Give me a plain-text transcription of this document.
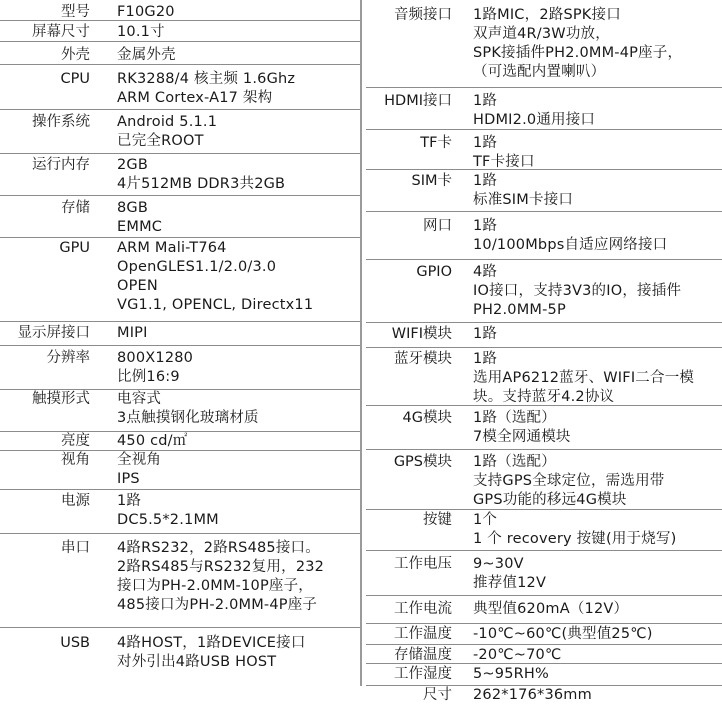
型号 F10G20
屏幕尺寸 10.1寸
外壳 金属外壳
CPU RK3288/4 核主频 1.6Ghz
ARM Cortex-A17 架构
操作系统 Android 5.1.1
已完全ROOT
运行内存 2GB
4片512MB DDR3共2GB
存储 8GB
EMMC
GPU ARM Mali-T764
OpenGLES1.1/2.0/3.0
OPEN
VG1.1, OPENCL, Directx11
显示屏接口 MIPI
分辨率 800X1280
比例16:9
触摸形式 电容式
3点触摸钢化玻璃材质
亮度 450 cd/㎡
视角 全视角
IPS
电源 1路
DC5.5*2.1MM
串口 4路RS232，2路RS485接口。
2路RS485与RS232复用，232
接口为PH-2.0MM-10P座子，
485接口为PH-2.0MM-4P座子
USB 4路HOST，1路DEVICE接口
对外引出4路USB HOST
音频接口 1路MIC，2路SPK接口
双声道4R/3W功放，
SPK接插件PH2.0MM-4P座子，
（可选配内置喇叭）
HDMI接口 1路
HDMI2.0通用接口
TF卡 1路
TF卡接口
SIM卡 1路
标准SIM卡接口
网口 1路
10/100Mbps自适应网络接口
GPIO 4路
IO接口，支持3V3的IO，接插件
PH2.0MM-5P
WIFI模块 1路
蓝牙模块 1路
选用AP6212蓝牙、WIFI二合一模
块。支持蓝牙4.2协议
4G模块 1路（选配）
7模全网通模块
GPS模块 1路（选配）
支持GPS全球定位，需选用带
GPS功能的移远4G模块
按键 1个
1 个 recovery 按键(用于烧写)
工作电压 9~30V
推荐值12V
工作电流 典型值620mA（12V）
工作温度 -10℃~60℃(典型值25℃)
存储温度 -20℃~70℃
工作湿度 5~95RH%
尺寸 262*176*36mm
